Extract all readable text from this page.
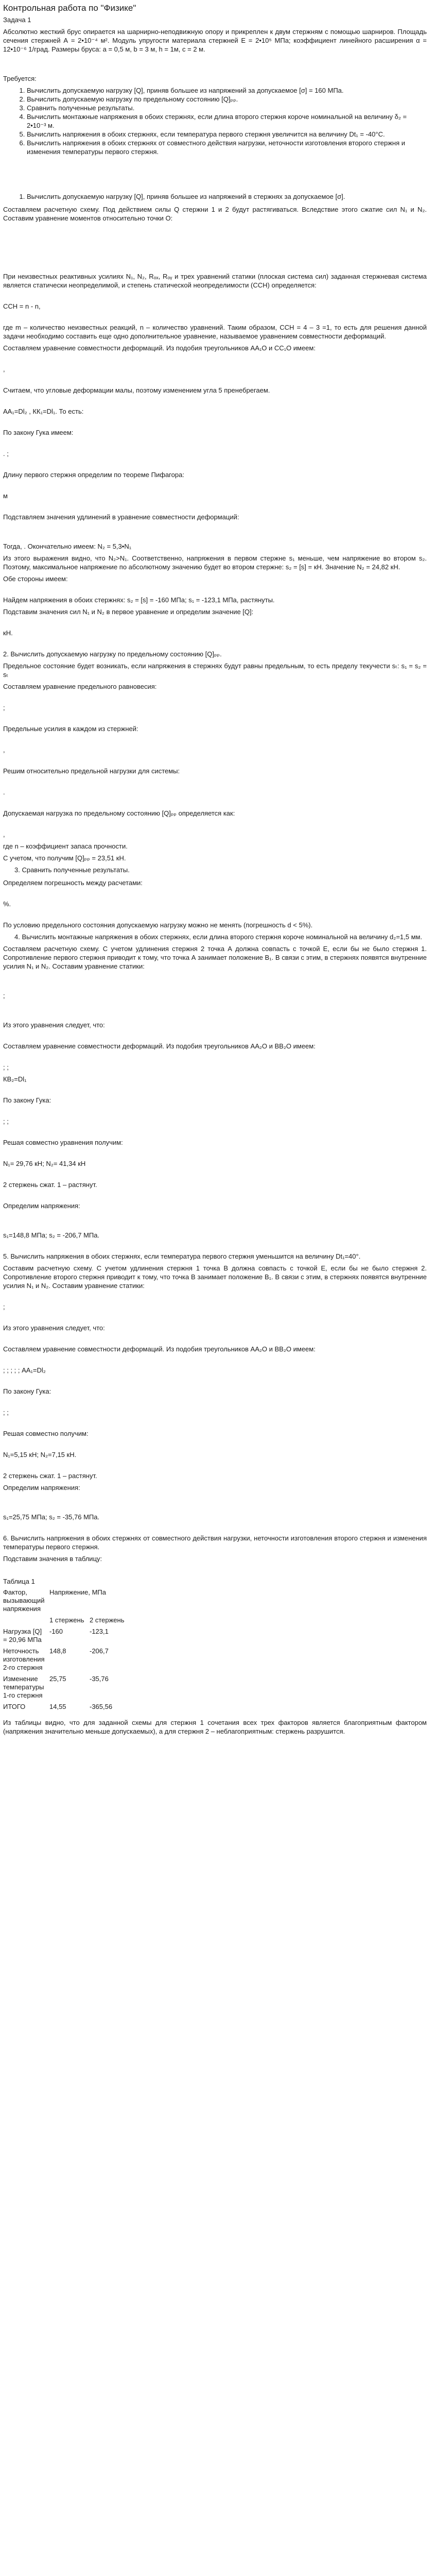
Контрольная работа по "Физике"
Задача 1
Абсолютно жесткий брус опирается на шарнирно-неподвижную опору и прикреплен к двум стержням с помощью шарниров. Площадь сечения стержней А = 2•10⁻⁴ м². Модуль упругости материала стержней Е = 2•10⁵ МПа; коэффициент линейного расширения α = 12•10⁻⁶ 1/град. Размеры бруса: а = 0,5 м, b = 3 м, h = 1м, с = 2 м.
Требуется:
1. Вычислить допускаемую нагрузку [Q], приняв большее из напряжений за допускаемое [σ] = 160 МПа.
2. Вычислить допускаемую нагрузку по предельному состоянию [Q]ₚₚ.
3. Сравнить полученные результаты.
4. Вычислить монтажные напряжения в обоих стержнях, если длина второго стержня короче номинальной на величину δ₂ = 2•10⁻³ м.
5. Вычислить напряжения в обоих стержнях, если температура первого стержня увеличится на величину Dt₁ = -40°С.
6. Вычислить напряжения в обоих стержнях от совместного действия нагрузки, неточности изготовления второго стержня и изменения температуры первого стержня.
1. Вычислить допускаемую нагрузку [Q], приняв большее из напряжений в стержнях за допускаемое [σ].
Составляем расчетную схему. Под действием силы Q стержни 1 и 2 будут растягиваться. Вследствие этого сжатие сил N₁ и N₂. Составим уравнение моментов относительно точки О:
При неизвестных реактивных усилиях N₁, N₂, Rₒₓ, Rₒᵧ и трех уравнений статики (плоская система сил) заданная стержневая система является статически неопределимой, и степень статической неопределимости (ССН) определяется:
ССН = n - n,
где m – количество неизвестных реакций, n – количество уравнений. Таким образом, ССН = 4 – 3 =1, то есть для решения данной задачи необходимо составить еще одно дополнительное уравнение, называемое уравнением совместности деформаций.
Составляем уравнение совместности деформаций. Из подобия треугольников АА₁О и СС₁О имеем:
,
Считаем, что угловые деформации малы, поэтому изменением угла 5 пренебрегаем.
АА₁=Dl₂ , КК₁=Dl₁. То есть:
По закону Гука имеем:
. ;
Длину первого стержня определим по теореме Пифагора:
м
Подставляем значения удлинений в уравнение совместности деформаций:
Тогда, . Окончательно имеем: N₂ = 5,3•N₁
Из этого выражения видно, что N₂>N₁. Соответственно, напряжения в первом стержне s₁ меньше, чем напряжение во втором s₂. Поэтому, максимальное напряжение по абсолютному значению будет во втором стержне: s₂ = [s] = кН. Значение N₂ = 24,82 кН.
Обе стороны имеем:
Найдем напряжения в обоих стержнях: s₂ = [s] = -160 МПа; s₁ = -123,1 МПа, растянуты.
Подставим значения сил N₁ и N₂ в первое уравнение и определим значение [Q]:
кН.
2. Вычислить допускаемую нагрузку по предельному состоянию [Q]ₚₚ.
Предельное состояние будет возникать, если напряжения в стержнях будут равны предельным, то есть пределу текучести sₜ: s₁ = s₂ = sₜ
Составляем уравнение предельного равновесия:
;
Предельные усилия в каждом из стержней:
,
Решим относительно предельной нагрузки для системы:
.
Допускаемая нагрузка по предельному состоянию [Q]ₚₚ определяется как:
,
где n – коэффициент запаса прочности.
С учетом, что получим [Q]ₚₚ = 23,51 кН.
3. Сравнить полученные результаты.
Определяем погрешность между расчетами:
%.
По условию предельного состояния допускаемую нагрузку можно не менять (погрешность d < 5%).
4. Вычислить монтажные напряжения в обоих стержнях, если длина второго стержня короче номинальной на величину d₂=1,5 мм.
Составляем расчетную схему. С учетом удлинения стержня 2 точка А должна совпасть с точкой Е, если бы не было стержня 1. Сопротивление первого стержня приводит к тому, что точка А занимает положение В₁. В связи с этим, в стержнях появятся внутренние усилия N₁ и N₂. Составим уравнение статики:
;
Из этого уравнения следует, что:
Составляем уравнение совместности деформаций. Из подобия треугольников АА₂О и ВВ₂О имеем:
; ;
КВ₂=Dl₁
По закону Гука:
; ;
Решая совместно уравнения получим:
N₁= 29,76 кН; N₂= 41,34 кН
2 стержень сжат. 1 – растянут.
Определим напряжения:
s₁=148,8 МПа; s₂ = -206,7 МПа.
5. Вычислить напряжения в обоих стержнях, если температура первого стержня уменьшится на величину Dt₁=40°.
Составим расчетную схему. С учетом удлинения стержня 1 точка В должна совпасть с точкой Е, если бы не было стержня 2. Сопротивление второго стержня приводит к тому, что точка В занимает положение В₁. В связи с этим, в стержнях появятся внутренние усилия N₁ и N₂. Составим уравнение статики:
;
Из этого уравнения следует, что:
Составляем уравнение совместности деформаций. Из подобия треугольников АА₂О и ВВ₂О имеем:
; ; ; ; ; АА₁=Dl₂
По закону Гука:
; ;
Решая совместно получим:
N₁=5,15 кН; N₂=7,15 кН.
2 стержень сжат. 1 – растянут.
Определим напряжения:
s₁=25,75 МПа; s₂ = -35,76 МПа.
6. Вычислить напряжения в обоих стержнях от совместного действия нагрузки, неточности изготовления второго стержня и изменения температуры первого стержня.
Подставим значения в таблицу:
Таблица 1
Фактор, вызывающий напряжения	Напряжение, МПа	
	1 стержень	2 стержень
Нагрузка [Q] = 20,96 МПа	-160	-123,1
Неточность изготовления 2-го стержня	148,8	-206,7
Изменение температуры 1-го стержня	25,75	-35,76
ИТОГО	14,55	-365,56
Из таблицы видно, что для заданной схемы для стержня 1 сочетания всех трех факторов является благоприятным фактором (напряжения значительно меньше допускаемых), а для стержня 2 – неблагоприятным: стержень разрушится.
